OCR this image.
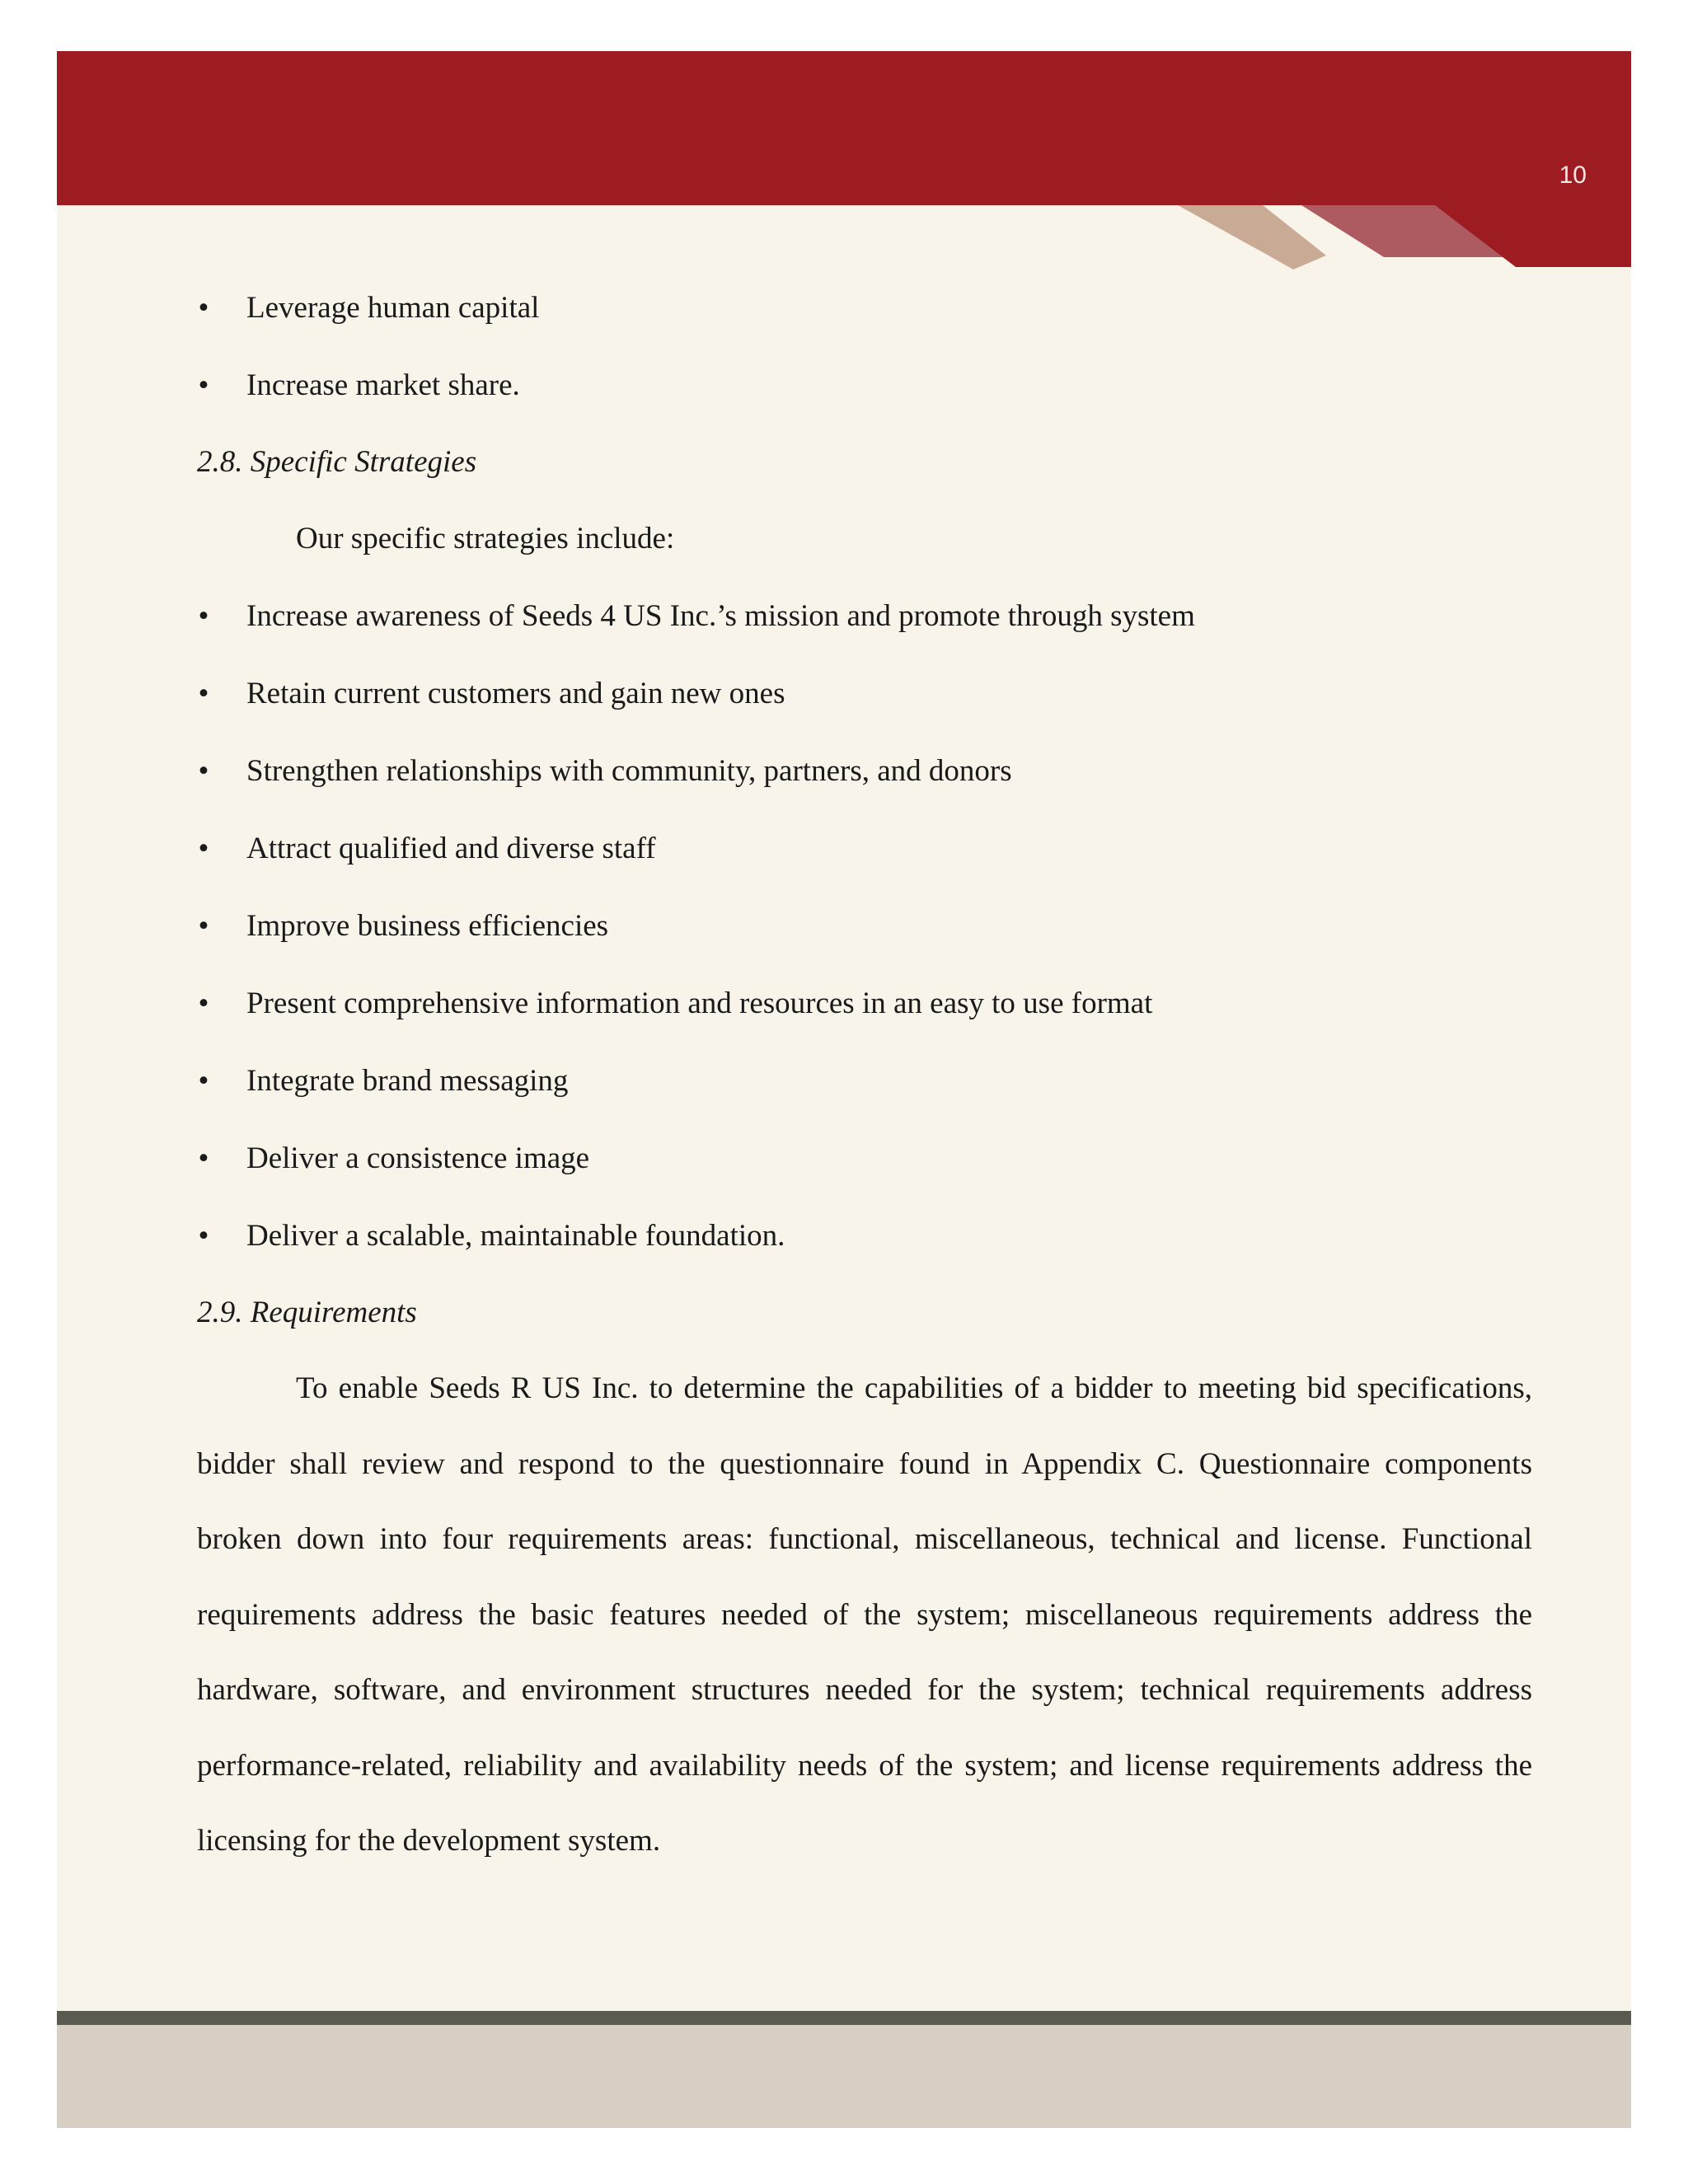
10
• Leverage human capital
• Increase market share.

2.8. Specific Strategies

Our specific strategies include:

• Increase awareness of Seeds 4 US Inc.’s mission and promote through system
• Retain current customers and gain new ones
• Strengthen relationships with community, partners, and donors
• Attract qualified and diverse staff
• Improve business efficiencies
• Present comprehensive information and resources in an easy to use format
• Integrate brand messaging
• Deliver a consistence image
• Deliver a scalable, maintainable foundation.

2.9. Requirements

To enable Seeds R US Inc. to determine the capabilities of a bidder to meeting bid specifications, bidder shall review and respond to the questionnaire found in Appendix C. Questionnaire components broken down into four requirements areas: functional, miscellaneous, technical and license. Functional requirements address the basic features needed of the system; miscellaneous requirements address the hardware, software, and environment structures needed for the system; technical requirements address performance-related, reliability and availability needs of the system; and license requirements address the licensing for the development system.
